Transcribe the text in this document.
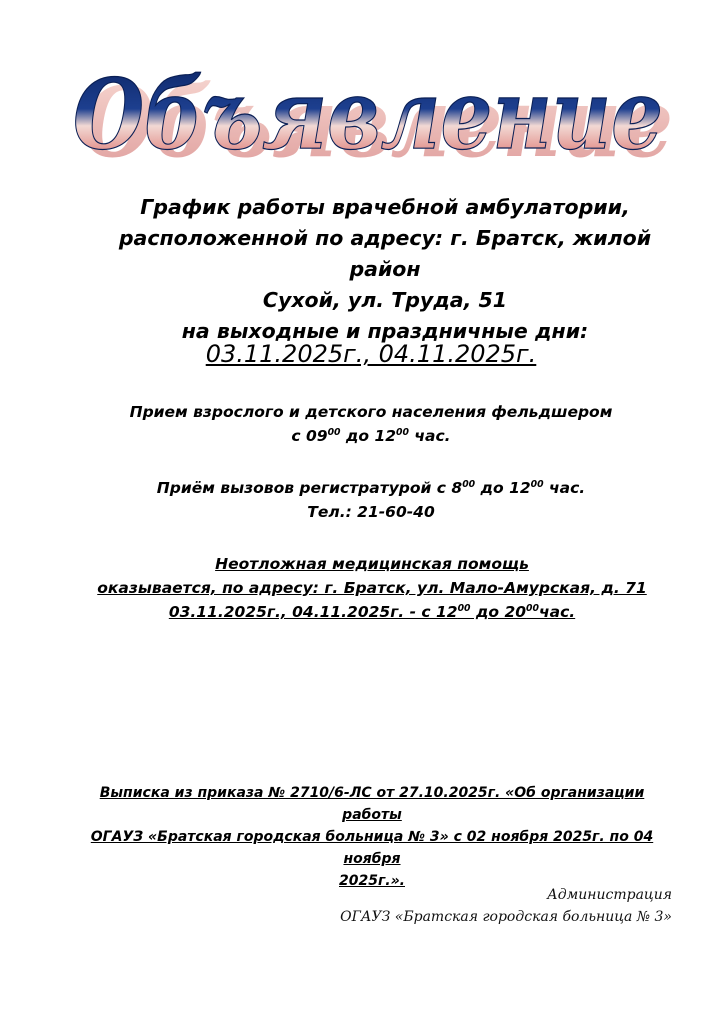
Объявление
Объявление
График работы врачебной амбулатории,
расположенной по адресу: г. Братск, жилой район
Сухой, ул. Труда, 51
на выходные и праздничные дни:
03.11.2025г., 04.11.2025г.
Прием взрослого и детского населения фельдшером
с $09^{00}$ до $12^{00}$ час.
Приём вызовов регистратурой с $8^{00}$ до $12^{00}$ час.
Тел.: 21-60-40
Неотложная медицинская помощь
оказывается, по адресу: г. Братск, ул. Мало-Амурская, д. 71
03.11.2025г., 04.11.2025г. - с $12^{00}$ до $20^{00}час$.
Выписка из приказа № 2710/6-ЛС от 27.10.2025г. «Об организации работы
ОГАУЗ «Братская городская больница № 3» с 02 ноября 2025г. по 04 ноября
2025г.».
Администрация
ОГАУЗ «Братская городская больница № 3»
